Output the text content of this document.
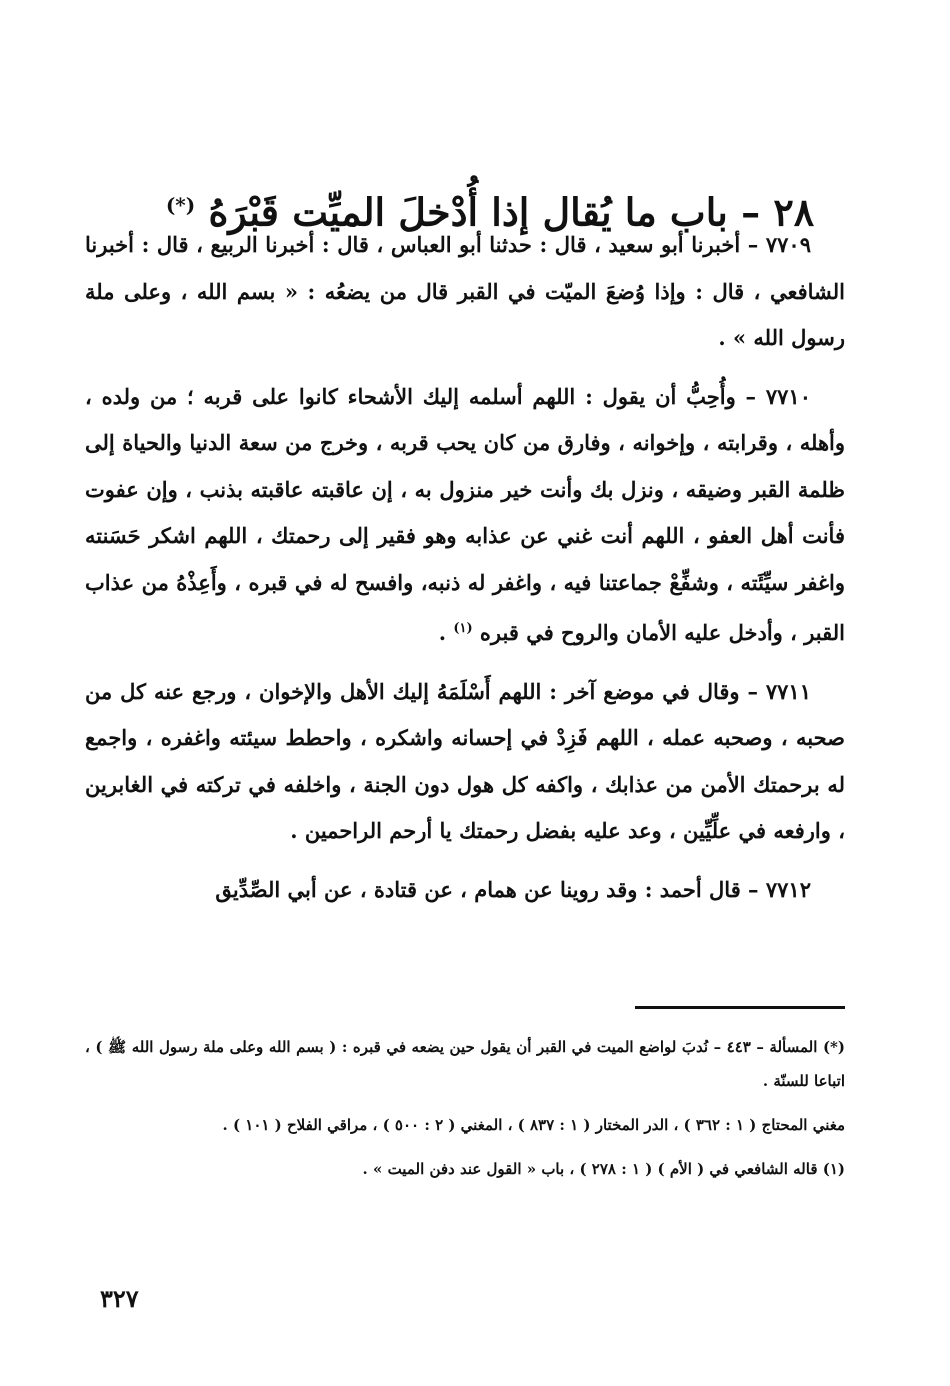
٢٨ – باب ما يُقال إذا أُدْخلَ الميِّت قَبْرَهُ (*)

٧٧٠٩ – أخبرنا أبو سعيد ، قال : حدثنا أبو العباس ، قال : أخبرنا الربيع ، قال : أخبرنا الشافعي ، قال : وإذا وُضعَ الميّت في القبر قال من يضعُه : « بسم الله ، وعلى ملة رسول الله » .

٧٧١٠ – وأُحِبُّ أن يقول : اللهم أسلمه إليك الأشحاء كانوا على قربه ؛ من ولده ، وأهله ، وقرابته ، وإخوانه ، وفارق من كان يحب قربه ، وخرج من سعة الدنيا والحياة إلى ظلمة القبر وضيقه ، ونزل بك وأنت خير منزول به ، إن عاقبته عاقبته بذنب ، وإن عفوت فأنت أهل العفو ، اللهم أنت غني عن عذابه وهو فقير إلى رحمتك ، اللهم اشكر حَسَنته واغفر سيِّئَته ، وشفِّعْ جماعتنا فيه ، واغفر له ذنبه، وافسح له في قبره ، وأَعِذْهُ من عذاب القبر ، وأدخل عليه الأمان والروح في قبره $^{(١)}$ .

٧٧١١ – وقال في موضع آخر : اللهم أَسْلَمَهُ إليك الأهل والإخوان ، ورجع عنه كل من صحبه ، وصحبه عمله ، اللهم فَزِدْ في إحسانه واشكره ، واحطط سيئته واغفره ، واجمع له برحمتك الأمن من عذابك ، واكفه كل هول دون الجنة ، واخلفه في تركته في الغابرين ، وارفعه في علِّيِّين ، وعد عليه بفضل رحمتك يا أرحم الراحمين .

٧٧١٢ – قال أحمد : وقد روينا عن همام ، عن قتادة ، عن أبي الصِّدِّيق

(*) المسألة – ٤٤٣ – نُدبَ لواضع الميت في القبر أن يقول حين يضعه في قبره : ( بسم الله وعلى ملة رسول الله ﷺ ) ، اتباعا للسنّة .

مغني المحتاج ( ١ : ٣٦٢ ) ، الدر المختار ( ١ : ٨٣٧ ) ، المغني ( ٢ : ٥٠٠ ) ، مراقي الفلاح ( ١٠١ ) .

(١) قاله الشافعي في ( الأم ) ( ١ : ٢٧٨ ) ، باب « القول عند دفن الميت » .

٣٢٧
